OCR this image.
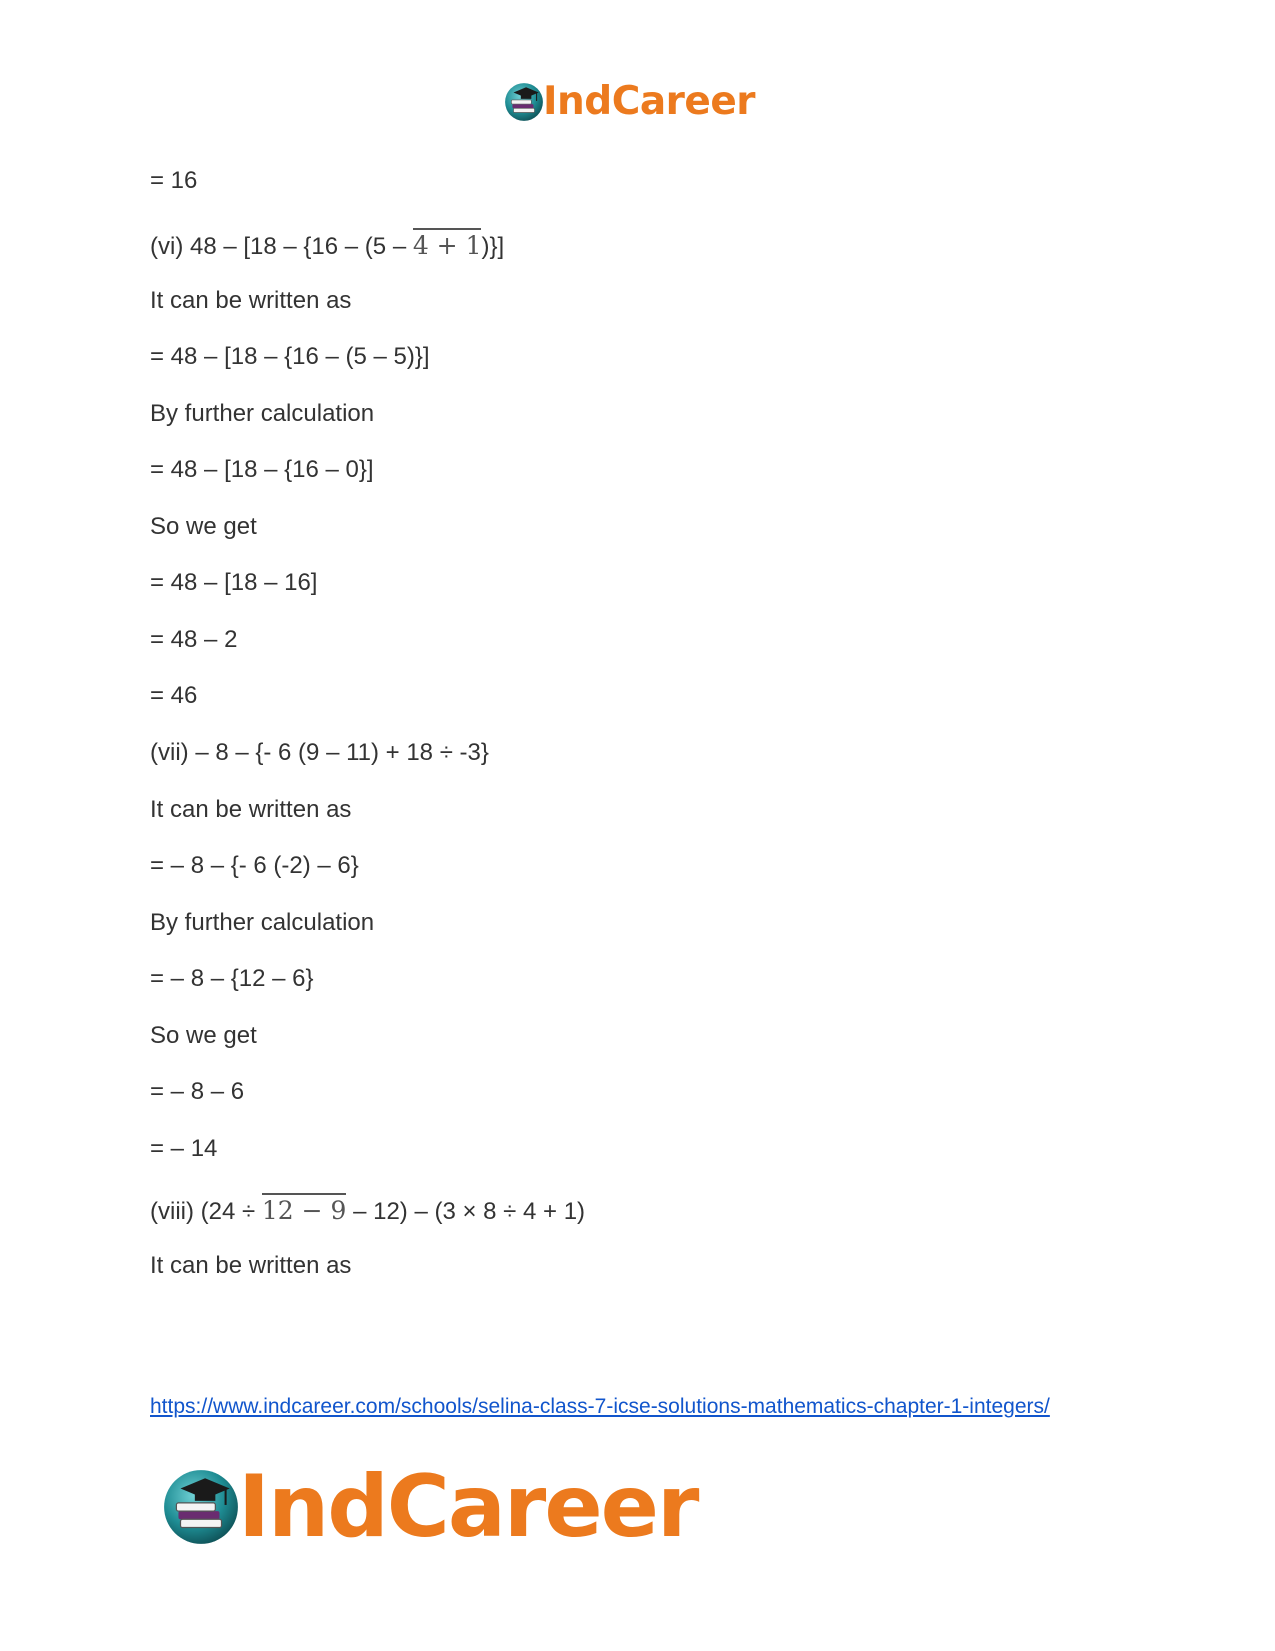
IndCareer
= 16
(vi) 48 – [18 – {16 – (5 –
4 + 1)}]
It can be written as
= 48 – [18 – {16 – (5 – 5)}]
By further calculation
= 48 – [18 – {16 – 0}]
So we get
= 48 – [18 – 16]
= 48 – 2
= 46
(vii) – 8 – {- 6 (9 – 11) + 18 ÷ -3}
It can be written as
= – 8 – {- 6 (-2) – 6}
By further calculation
= – 8 – {12 – 6}
So we get
= – 8 – 6
= – 14
(viii) (24 ÷
12 − 9 – 12) – (3 × 8 ÷ 4 + 1)
It can be written as
https://www.indcareer.com/schools/selina-class-7-icse-solutions-mathematics-chapter-1-integers/
IndCareer
